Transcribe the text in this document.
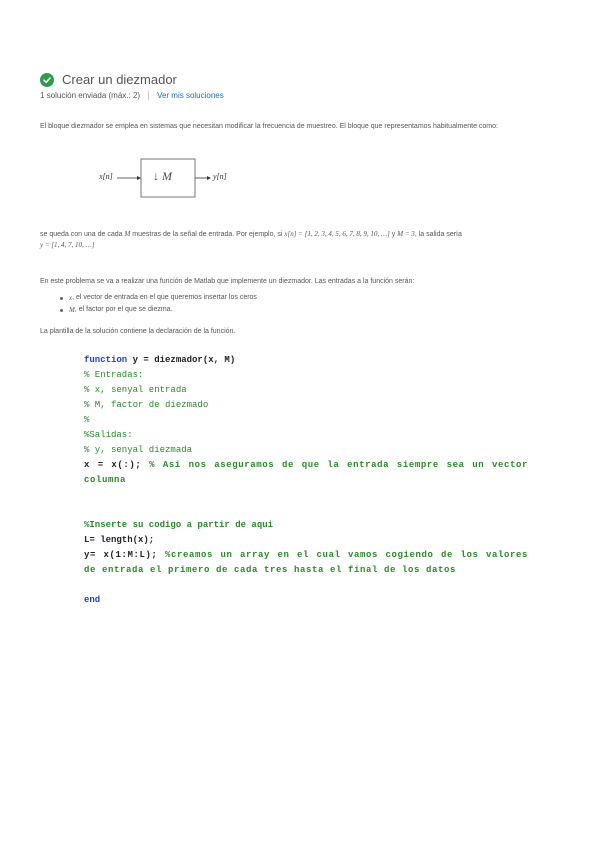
Crear un diezmador
1 solución enviada (máx.: 2) Ver mis soluciones
El bloque diezmador se emplea en sistemas que necesitan modificar la frecuencia de muestreo. El bloque que representamos habitualmente como:
x[n]	↓ M	y[n]
se queda con una de cada M muestras de la señal de entrada. Por ejemplo, si x[n] = [1, 2, 3, 4, 5, 6, 7, 8, 9, 10, …] y M = 3, la salida sería
y = [1, 4, 7, 10, …]
En este problema se va a realizar una función de Matlab que implemente un diezmador. Las entradas a la función serán:
x , el vector de entrada en el que queremos insertar los ceros
M , el factor por el que se diezma.
La plantilla de la solución contiene la declaración de la función.
function y = diezmador(x, M)
% Entradas:
% x, senyal entrada
% M, factor de diezmado
%
%Salidas:
% y, senyal diezmada
x = x(:); % Asi nos aseguramos de que la entrada siempre sea un vector columna
%Inserte su codigo a partir de aqui
L= length(x);
y= x(1:M:L); %creamos un array en el cual vamos cogiendo de los valores de entrada el primero de cada tres hasta el final de los datos
end
